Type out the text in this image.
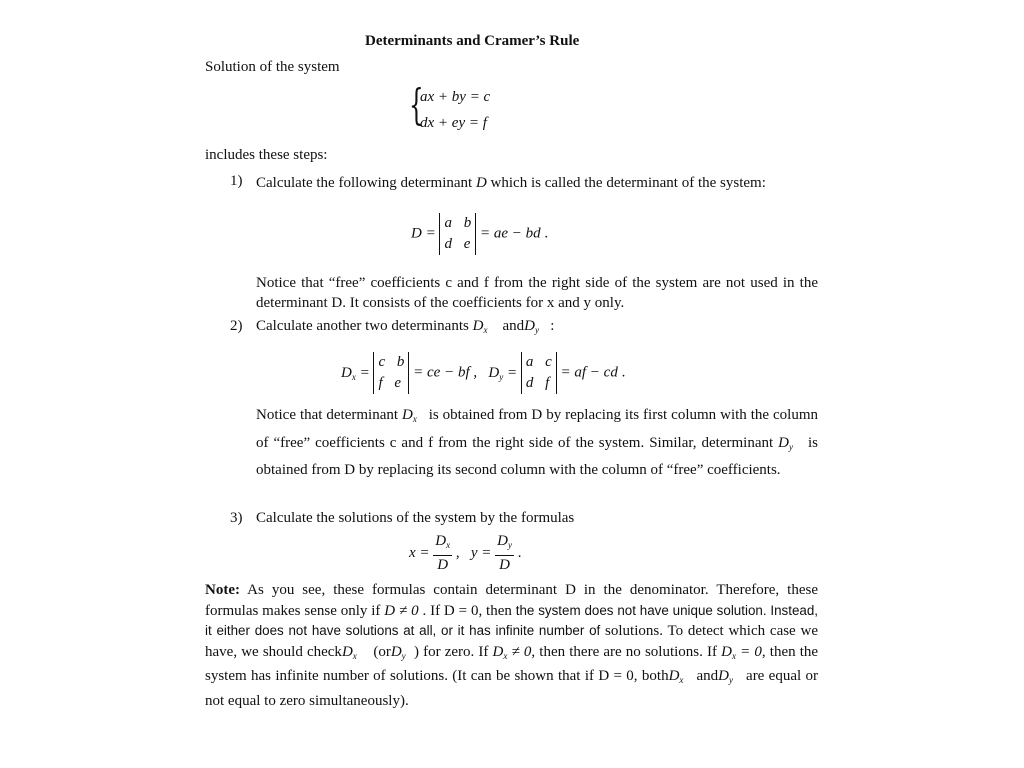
Determinants and Cramer’s Rule
Solution of the system
{
ax + by = c
dx + ey = f
includes these steps:
1) Calculate the following determinant D which is called the determinant of the system:
D =
a b
d e
= ae − bd .
Notice that “free” coefficients c and f from the right side of the system are not used in the determinant D. It consists of the coefficients for x and y only.
2) Calculate another two determinants $D_x$ andD$_y$ :
$D_x$ =
c b
f e
= ce − bf , $D_y$ =
a c
d f
= af − cd .
Notice that determinant $D_x$ is obtained from D by replacing its first column with the column of “free” coefficients c and f from the right side of the system. Similar, determinant $D_y$ is obtained from D by replacing its second column with the column of “free” coefficients.
3) Calculate the solutions of the system by the formulas
$x = \frac{D_x}{D}$ , $y = \frac{D_y}{D}$ .
Note: As you see, these formulas contain determinant D in the denominator. Therefore, these formulas makes sense only if D ≠ 0 . If D = 0, then the system does not have unique solution. Instead, it either does not have solutions at all, or it has infinite number of solutions. To detect which case we have, we should checkD$_x$ (orD$_y$ ) for zero. If $D_x \ne 0$, then there are no solutions. If $D_x = 0$, then the system has infinite number of solutions. (It can be shown that if D = 0, bothD$_x$ andD$_y$ are equal or not equal to zero simultaneously).
